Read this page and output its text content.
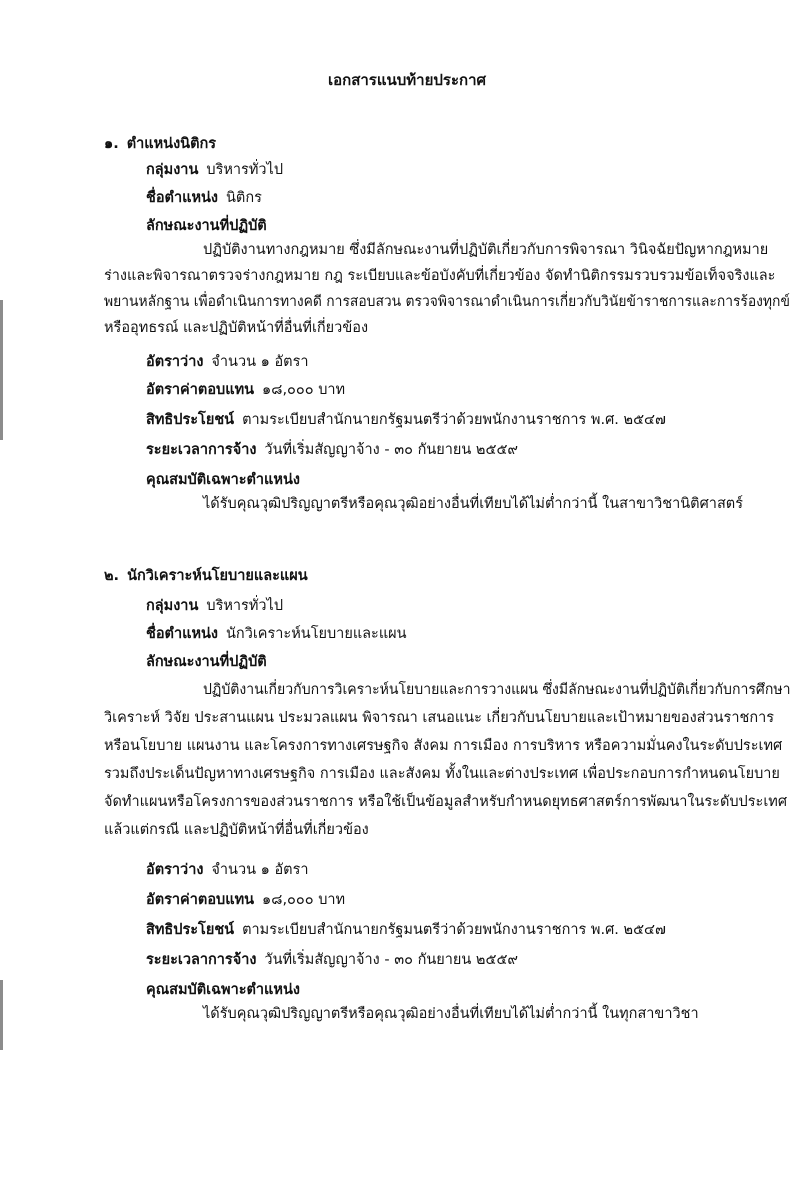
เอกสารแนบท้ายประกาศ
๑. ตำแหน่งนิติกร
กลุ่มงาน บริหารทั่วไป
ชื่อตำแหน่ง นิติกร
ลักษณะงานที่ปฏิบัติ
ปฏิบัติงานทางกฎหมาย ซึ่งมีลักษณะงานที่ปฏิบัติเกี่ยวกับการพิจารณา วินิจฉัยปัญหากฎหมาย
ร่างและพิจารณาตรวจร่างกฎหมาย กฎ ระเบียบและข้อบังคับที่เกี่ยวข้อง จัดทำนิติกรรมรวบรวมข้อเท็จจริงและ
พยานหลักฐาน เพื่อดำเนินการทางคดี การสอบสวน ตรวจพิจารณาดำเนินการเกี่ยวกับวินัยข้าราชการและการร้องทุกข์
หรืออุทธรณ์ และปฏิบัติหน้าที่อื่นที่เกี่ยวข้อง
อัตราว่าง จำนวน ๑ อัตรา
อัตราค่าตอบแทน ๑๘,๐๐๐ บาท
สิทธิประโยชน์ ตามระเบียบสำนักนายกรัฐมนตรีว่าด้วยพนักงานราชการ พ.ศ. ๒๕๔๗
ระยะเวลาการจ้าง วันที่เริ่มสัญญาจ้าง - ๓๐ กันยายน ๒๕๕๙
คุณสมบัติเฉพาะตำแหน่ง
ได้รับคุณวุฒิปริญญาตรีหรือคุณวุฒิอย่างอื่นที่เทียบได้ไม่ต่ำกว่านี้ ในสาขาวิชานิติศาสตร์
๒. นักวิเคราะห์นโยบายและแผน
กลุ่มงาน บริหารทั่วไป
ชื่อตำแหน่ง นักวิเคราะห์นโยบายและแผน
ลักษณะงานที่ปฏิบัติ
ปฏิบัติงานเกี่ยวกับการวิเคราะห์นโยบายและการวางแผน ซึ่งมีลักษณะงานที่ปฏิบัติเกี่ยวกับการศึกษา
วิเคราะห์ วิจัย ประสานแผน ประมวลแผน พิจารณา เสนอแนะ เกี่ยวกับนโยบายและเป้าหมายของส่วนราชการ
หรือนโยบาย แผนงาน และโครงการทางเศรษฐกิจ สังคม การเมือง การบริหาร หรือความมั่นคงในระดับประเทศ
รวมถึงประเด็นปัญหาทางเศรษฐกิจ การเมือง และสังคม ทั้งในและต่างประเทศ เพื่อประกอบการกำหนดนโยบาย
จัดทำแผนหรือโครงการของส่วนราชการ หรือใช้เป็นข้อมูลสำหรับกำหนดยุทธศาสตร์การพัฒนาในระดับประเทศ
แล้วแต่กรณี และปฏิบัติหน้าที่อื่นที่เกี่ยวข้อง
อัตราว่าง จำนวน ๑ อัตรา
อัตราค่าตอบแทน ๑๘,๐๐๐ บาท
สิทธิประโยชน์ ตามระเบียบสำนักนายกรัฐมนตรีว่าด้วยพนักงานราชการ พ.ศ. ๒๕๔๗
ระยะเวลาการจ้าง วันที่เริ่มสัญญาจ้าง - ๓๐ กันยายน ๒๕๕๙
คุณสมบัติเฉพาะตำแหน่ง
ได้รับคุณวุฒิปริญญาตรีหรือคุณวุฒิอย่างอื่นที่เทียบได้ไม่ต่ำกว่านี้ ในทุกสาขาวิชา
